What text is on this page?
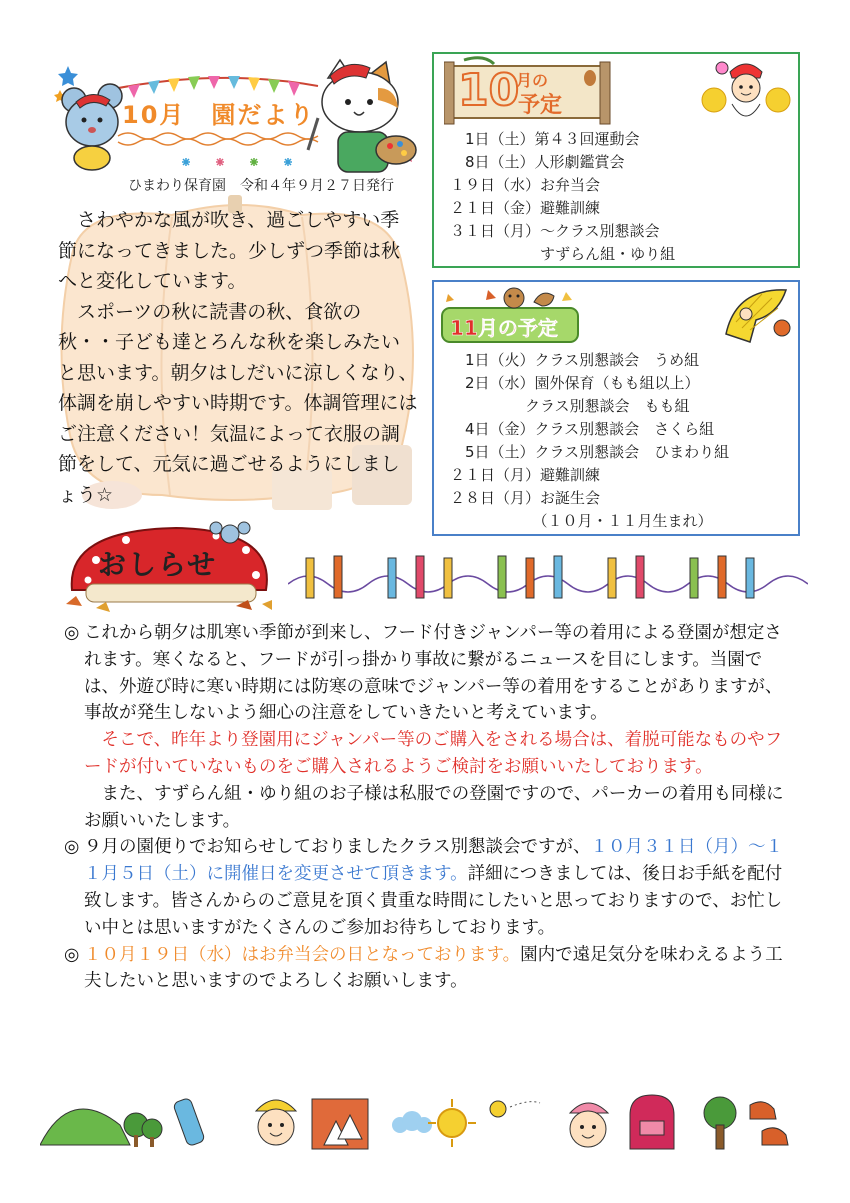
10月　園だより
ひまわり保育園　令和４年９月２７日発行

さわやかな風が吹き、過ごしやすい季節になってきました。少しずつ季節は秋へと変化しています。

スポーツの秋に読書の秋、食欲の秋・・子ども達とろんな秋を楽しみたいと思います。朝夕はしだいに涼しくなり、体調を崩しやすい時期です。体調管理にはご注意ください！気温によって衣服の調節をして、元気に過ごせるようにしましょう☆

10
月の
予定
　1日（土）第４３回運動会
　8日（土）人形劇鑑賞会
１９日（水）お弁当会
２１日（金）避難訓練
３１日（月）～クラス別懇談会
　　　　　　すずらん組・ゆり組
11月の予定
　1日（火）クラス別懇談会　うめ組
　2日（水）園外保育（もも組以上）
　　　　　クラス別懇談会　もも組
　4日（金）クラス別懇談会　さくら組
　5日（土）クラス別懇談会　ひまわり組
２１日（月）避難訓練
２８日（月）お誕生会
　　　　　　（１０月・１１月生まれ）
おしらせ
◎ これから朝夕は肌寒い季節が到来し、フード付きジャンパー等の着用による登園が想定されます。寒くなると、フードが引っ掛かり事故に繋がるニュースを目にします。当園では、外遊び時に寒い時期には防寒の意味でジャンパー等の着用をすることがありますが、事故が発生しないよう細心の注意をしていきたいと考えています。
そこで、昨年より登園用にジャンパー等のご購入をされる場合は、着脱可能なものやフードが付いていないものをご購入されるようご検討をお願いいたしております。
また、すずらん組・ゆり組のお子様は私服での登園ですので、パーカーの着用も同様にお願いいたします。
◎ ９月の園便りでお知らせしておりましたクラス別懇談会ですが、１０月３１日（月）～１１月５日（土）に開催日を変更させて頂きます。詳細につきましては、後日お手紙を配付致します。皆さんからのご意見を頂く貴重な時間にしたいと思っておりますので、お忙しい中とは思いますがたくさんのご参加お待ちしております。
◎ １０月１９日（水）はお弁当会の日となっております。園内で遠足気分を味わえるよう工夫したいと思いますのでよろしくお願いします。
